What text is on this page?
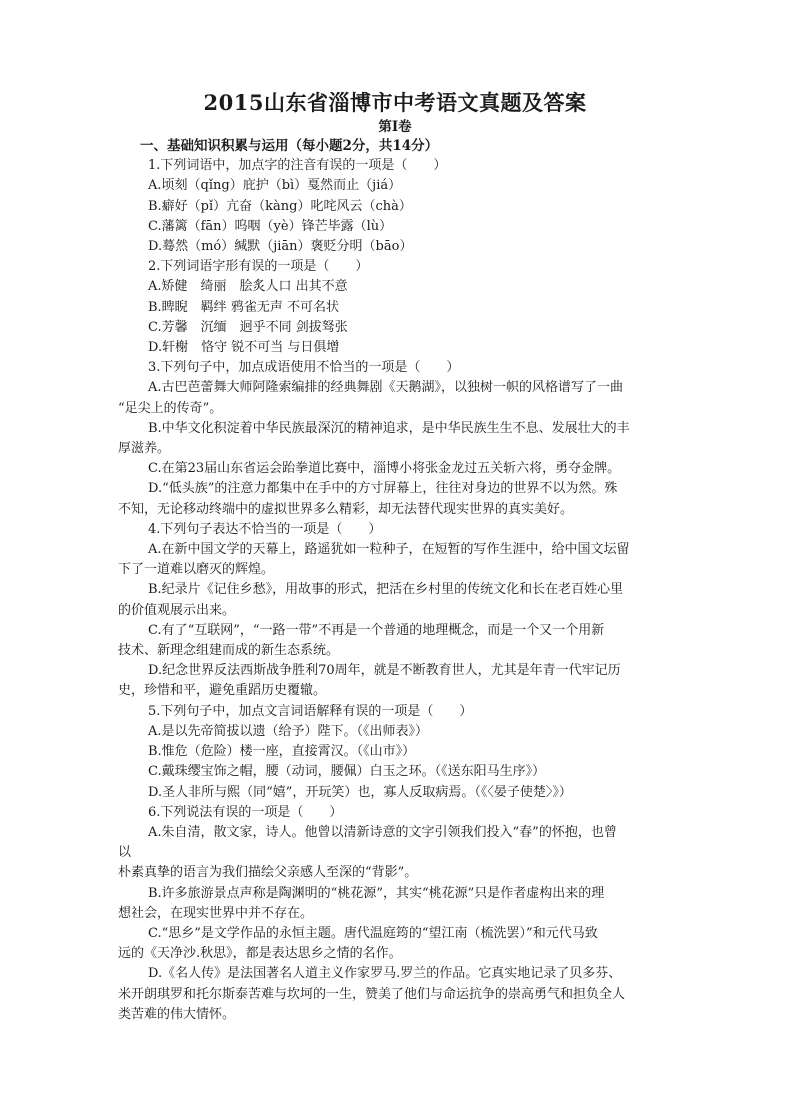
2015山东省淄博市中考语文真题及答案
第Ⅰ卷
一、基础知识积累与运用（每小题2分，共14分）
1.下列词语中，加点字的注音有误的一项是（　　）
A.顷刻（qǐng）庇护（bì）戛然而止（jiá）
B.癖好（pǐ）亢奋（kàng）叱咤风云（chà）
C.藩篱（fān）呜咽（yè）锋芒毕露（lù）
D.蓦然（mó）缄默（jiān）褒贬分明（bāo）
2.下列词语字形有误的一项是（　　）
A.矫健　绮丽　脍炙人口 出其不意
B.睥睨　羁绊 鸦雀无声 不可名状
C.芳馨　沉缅　迥乎不同 剑拔驽张
D.轩榭　恪守 锐不可当 与日俱增
3.下列句子中，加点成语使用不恰当的一项是（　　）
A.古巴芭蕾舞大师阿隆索编排的经典舞剧《天鹅湖》，以独树一帜的风格谱写了一曲
“足尖上的传奇”。
B.中华文化积淀着中华民族最深沉的精神追求，是中华民族生生不息、发展壮大的丰
厚滋养。
C.在第23届山东省运会跆拳道比赛中，淄博小将张金龙过五关斩六将，勇夺金牌。
D.“低头族”的注意力都集中在手中的方寸屏幕上，往往对身边的世界不以为然。殊
不知，无论移动终端中的虚拟世界多么精彩，却无法替代现实世界的真实美好。
4.下列句子表达不恰当的一项是（　　）
A.在新中国文学的天幕上，路遥犹如一粒种子，在短暂的写作生涯中，给中国文坛留
下了一道难以磨灭的辉煌。
B.纪录片《记住乡愁》，用故事的形式，把活在乡村里的传统文化和长在老百姓心里
的价值观展示出来。
C.有了“互联网”，“一路一带”不再是一个普通的地理概念，而是一个又一个用新
技术、新理念组建而成的新生态系统。
D.纪念世界反法西斯战争胜利70周年，就是不断教育世人，尤其是年青一代牢记历
史，珍惜和平，避免重蹈历史覆辙。
5.下列句子中，加点文言词语解释有误的一项是（　　）
A.是以先帝简拔以遗（给予）陛下。（《出师表》）
B.惟危（危险）楼一座，直接霄汉。（《山市》）
C.戴珠缨宝饰之帽，腰（动词，腰佩）白玉之环。（《送东阳马生序》）
D.圣人非所与熙（同“嬉”，开玩笑）也，寡人反取病焉。（《〈晏子使楚〉》）
6.下列说法有误的一项是（　　）
A.朱自清，散文家，诗人。他曾以清新诗意的文字引领我们投入“春”的怀抱，也曾
以
朴素真挚的语言为我们描绘父亲感人至深的“背影”。
B.许多旅游景点声称是陶渊明的“桃花源”，其实“桃花源”只是作者虚构出来的理
想社会，在现实世界中并不存在。
C.“思乡”是文学作品的永恒主题。唐代温庭筠的“望江南（梳洗罢）”和元代马致
远的《天净沙.秋思》，都是表达思乡之情的名作。
D.《名人传》是法国著名人道主义作家罗马.罗兰的作品。它真实地记录了贝多芬、
米开朗琪罗和托尔斯泰苦难与坎坷的一生，赞美了他们与命运抗争的崇高勇气和担负全人
类苦难的伟大情怀。
